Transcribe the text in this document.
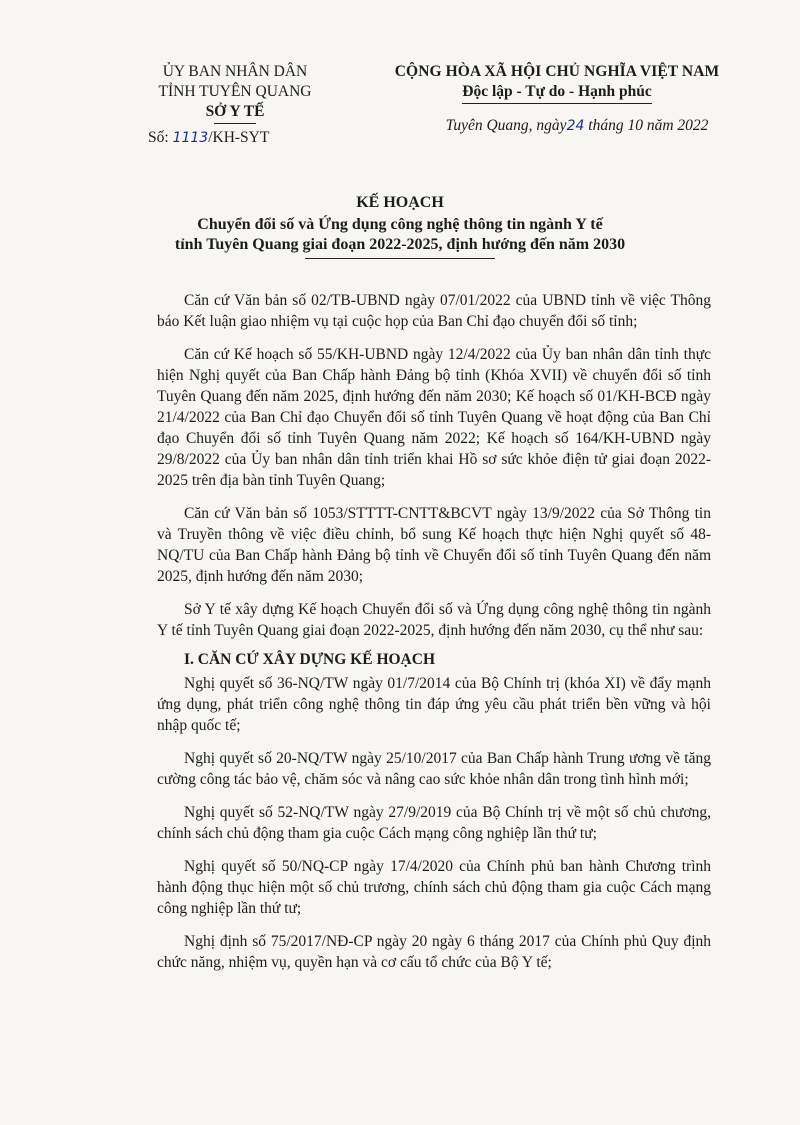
ỦY BAN NHÂN DÂN
TỈNH TUYÊN QUANG
SỞ Y TẾ
Số: 1113/KH-SYT
CỘNG HÒA XÃ HỘI CHỦ NGHĨA VIỆT NAM
Độc lập - Tự do - Hạnh phúc
Tuyên Quang, ngày24 tháng 10 năm 2022
KẾ HOẠCH
Chuyển đổi số và Ứng dụng công nghệ thông tin ngành Y tế
tỉnh Tuyên Quang giai đoạn 2022-2025, định hướng đến năm 2030

Căn cứ Văn bản số 02/TB-UBND ngày 07/01/2022 của UBND tỉnh về việc Thông báo Kết luận giao nhiệm vụ tại cuộc họp của Ban Chỉ đạo chuyển đổi số tỉnh;

Căn cứ Kế hoạch số 55/KH-UBND ngày 12/4/2022 của Ủy ban nhân dân tỉnh thực hiện Nghị quyết của Ban Chấp hành Đảng bộ tỉnh (Khóa XVII) về chuyển đổi số tỉnh Tuyên Quang đến năm 2025, định hướng đến năm 2030; Kế hoạch số 01/KH-BCĐ ngày 21/4/2022 của Ban Chỉ đạo Chuyển đổi số tỉnh Tuyên Quang về hoạt động của Ban Chỉ đạo Chuyển đổi số tỉnh Tuyên Quang năm 2022; Kế hoạch số 164/KH-UBND ngày 29/8/2022 của Ủy ban nhân dân tỉnh triển khai Hồ sơ sức khỏe điện tử giai đoạn 2022-2025 trên địa bàn tỉnh Tuyên Quang;

Căn cứ Văn bản số 1053/STTTT-CNTT&BCVT ngày 13/9/2022 của Sở Thông tin và Truyền thông về việc điều chỉnh, bổ sung Kế hoạch thực hiện Nghị quyết số 48-NQ/TU của Ban Chấp hành Đảng bộ tỉnh về Chuyển đổi số tỉnh Tuyên Quang đến năm 2025, định hướng đến năm 2030;

Sở Y tế xây dựng Kế hoạch Chuyển đổi số và Ứng dụng công nghệ thông tin ngành Y tế tỉnh Tuyên Quang giai đoạn 2022-2025, định hướng đến năm 2030, cụ thể như sau:

I. CĂN CỨ XÂY DỰNG KẾ HOẠCH

Nghị quyết số 36-NQ/TW ngày 01/7/2014 của Bộ Chính trị (khóa XI) về đẩy mạnh ứng dụng, phát triển công nghệ thông tin đáp ứng yêu cầu phát triển bền vững và hội nhập quốc tế;

Nghị quyết số 20-NQ/TW ngày 25/10/2017 của Ban Chấp hành Trung ương về tăng cường công tác bảo vệ, chăm sóc và nâng cao sức khỏe nhân dân trong tình hình mới;

Nghị quyết số 52-NQ/TW ngày 27/9/2019 của Bộ Chính trị về một số chủ chương, chính sách chủ động tham gia cuộc Cách mạng công nghiệp lần thứ tư;

Nghị quyết số 50/NQ-CP ngày 17/4/2020 của Chính phủ ban hành Chương trình hành động thục hiện một số chủ trương, chính sách chủ động tham gia cuộc Cách mạng công nghiệp lần thứ tư;

Nghị định số 75/2017/NĐ-CP ngày 20 ngày 6 tháng 2017 của Chính phủ Quy định chức năng, nhiệm vụ, quyền hạn và cơ cấu tổ chức của Bộ Y tế;
